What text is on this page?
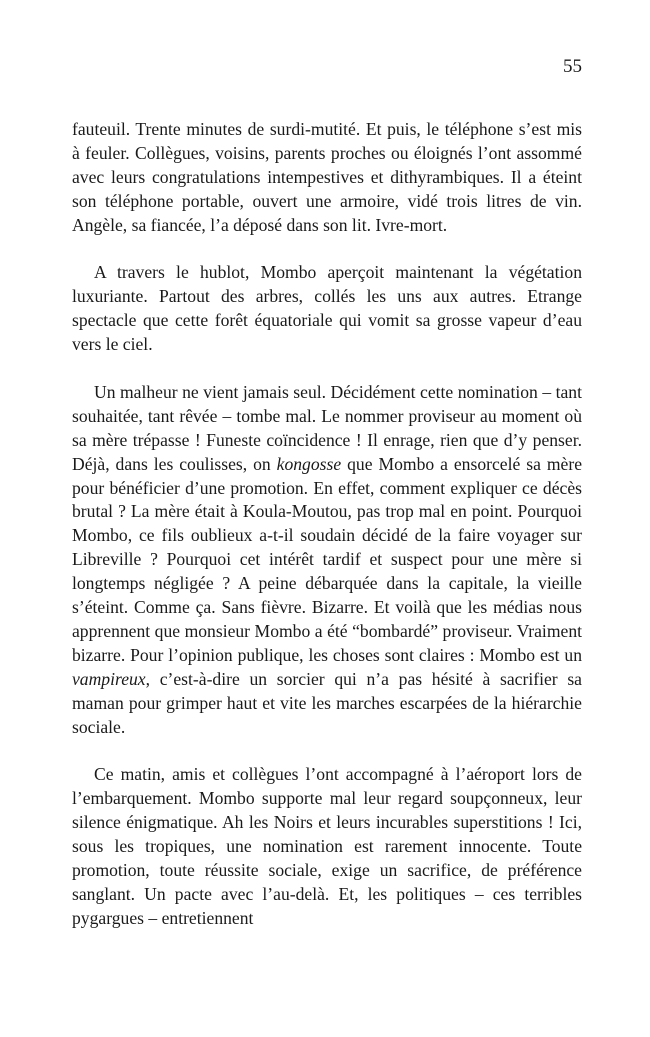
55

fauteuil. Trente minutes de surdi-mutité. Et puis, le téléphone s’est mis à feuler. Collègues, voisins, parents proches ou éloignés l’ont assommé avec leurs congratulations intempestives et dithyrambiques. Il a éteint son téléphone portable, ouvert une armoire, vidé trois litres de vin. Angèle, sa fiancée, l’a déposé dans son lit. Ivre-mort.

A travers le hublot, Mombo aperçoit maintenant la végétation luxuriante. Partout des arbres, collés les uns aux autres. Etrange spectacle que cette forêt équatoriale qui vomit sa grosse vapeur d’eau vers le ciel.

Un malheur ne vient jamais seul. Décidément cette nomination – tant souhaitée, tant rêvée – tombe mal. Le nommer proviseur au moment où sa mère trépasse ! Funeste coïncidence ! Il enrage, rien que d’y penser. Déjà, dans les coulisses, on kongosse que Mombo a ensorcelé sa mère pour bénéficier d’une promotion. En effet, comment expliquer ce décès brutal ? La mère était à Koula-Moutou, pas trop mal en point. Pourquoi Mombo, ce fils oublieux a-t-il soudain décidé de la faire voyager sur Libreville ? Pourquoi cet intérêt tardif et suspect pour une mère si longtemps négligée ? A peine débarquée dans la capitale, la vieille s’éteint. Comme ça. Sans fièvre. Bizarre. Et voilà que les médias nous apprennent que monsieur Mombo a été “bombardé” proviseur. Vraiment bizarre. Pour l’opinion publique, les choses sont claires : Mombo est un vampireux, c’est-à-dire un sorcier qui n’a pas hésité à sacrifier sa maman pour grimper haut et vite les marches escarpées de la hiérarchie sociale.

Ce matin, amis et collègues l’ont accompagné à l’aéroport lors de l’embarquement. Mombo supporte mal leur regard soupçonneux, leur silence énigmatique. Ah les Noirs et leurs incurables superstitions ! Ici, sous les tropiques, une nomination est rarement innocente. Toute promotion, toute réussite sociale, exige un sacrifice, de préférence sanglant. Un pacte avec l’au-delà. Et, les politiques – ces terribles pygargues – entretiennent
